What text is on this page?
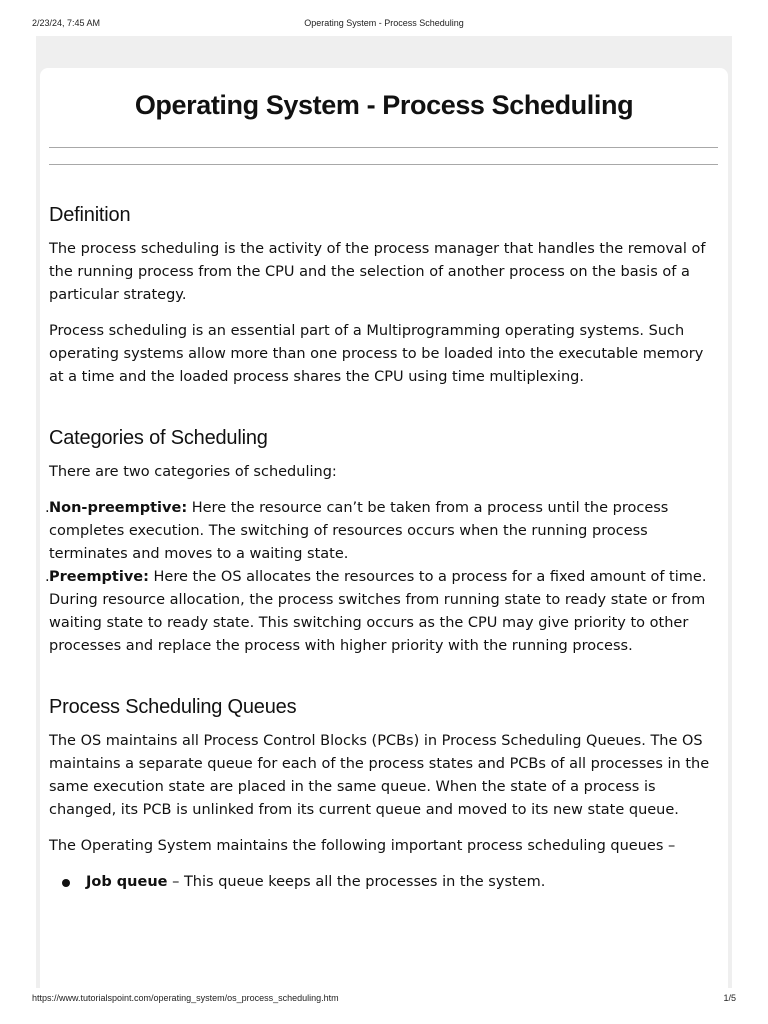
2/23/24, 7:45 AM	Operating System - Process Scheduling
Operating System - Process Scheduling
Definition

The process scheduling is the activity of the process manager that handles the removal of the running process from the CPU and the selection of another process on the basis of a particular strategy.

Process scheduling is an essential part of a Multiprogramming operating systems. Such operating systems allow more than one process to be loaded into the executable memory at a time and the loaded process shares the CPU using time multiplexing.

Categories of Scheduling

There are two categories of scheduling:

. Non-preemptive: Here the resource can’t be taken from a process until the process completes execution. The switching of resources occurs when the running process terminates and moves to a waiting state.
. Preemptive: Here the OS allocates the resources to a process for a fixed amount of time. During resource allocation, the process switches from running state to ready state or from waiting state to ready state. This switching occurs as the CPU may give priority to other processes and replace the process with higher priority with the running process.
Process Scheduling Queues

The OS maintains all Process Control Blocks (PCBs) in Process Scheduling Queues. The OS maintains a separate queue for each of the process states and PCBs of all processes in the same execution state are placed in the same queue. When the state of a process is changed, its PCB is unlinked from its current queue and moved to its new state queue.

The Operating System maintains the following important process scheduling queues –

Job queue – This queue keeps all the processes in the system.
https://www.tutorialspoint.com/operating_system/os_process_scheduling.htm	1/5
